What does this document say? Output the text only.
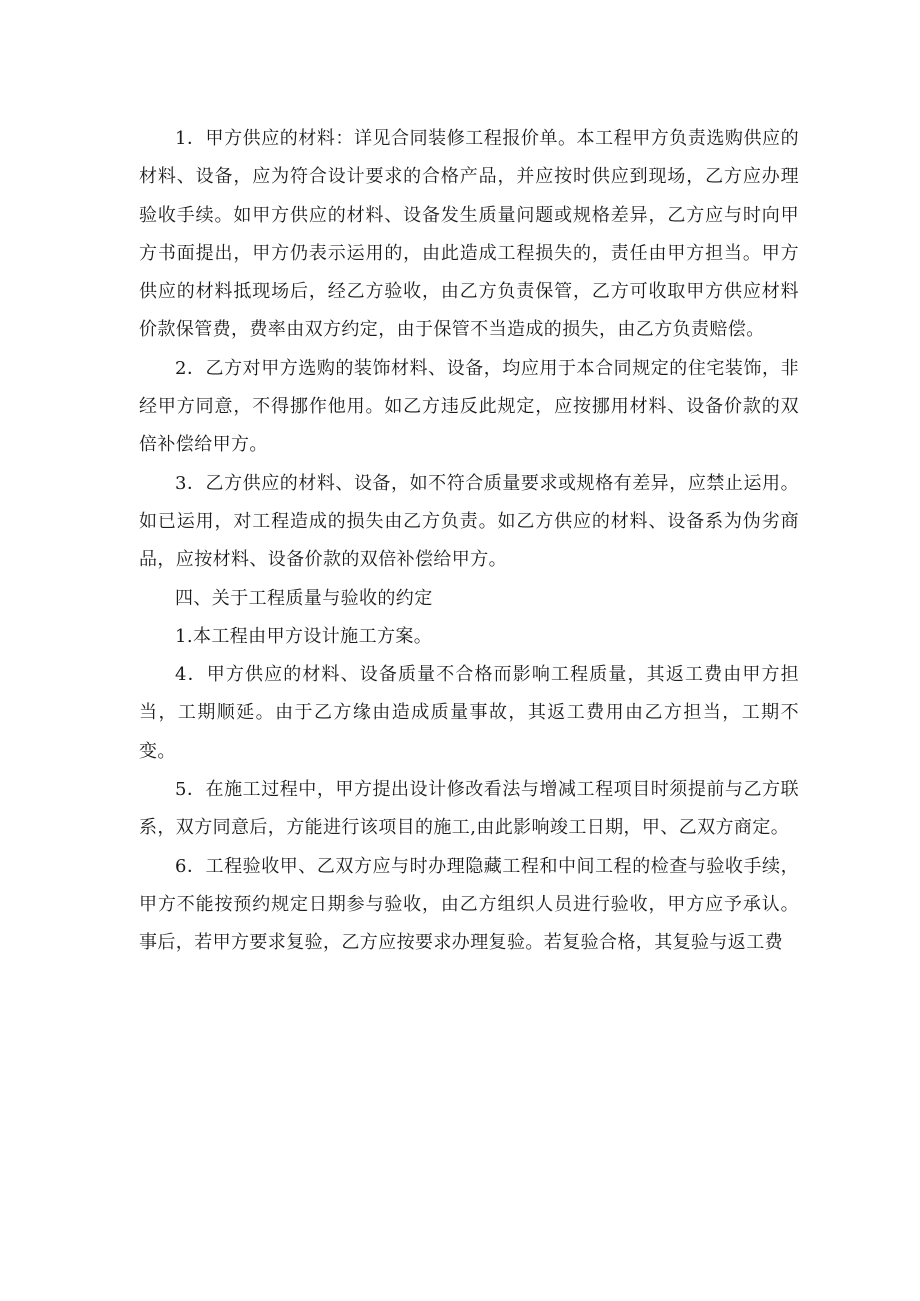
1．甲方供应的材料：详见合同装修工程报价单。本工程甲方负责选购供应的材料、设备，应为符合设计要求的合格产品，并应按时供应到现场，乙方应办理验收手续。如甲方供应的材料、设备发生质量问题或规格差异，乙方应与时向甲方书面提出，甲方仍表示运用的，由此造成工程损失的，责任由甲方担当。甲方供应的材料抵现场后，经乙方验收，由乙方负责保管，乙方可收取甲方供应材料价款保管费，费率由双方约定，由于保管不当造成的损失，由乙方负责赔偿。

2．乙方对甲方选购的装饰材料、设备，均应用于本合同规定的住宅装饰，非经甲方同意，不得挪作他用。如乙方违反此规定，应按挪用材料、设备价款的双倍补偿给甲方。

3．乙方供应的材料、设备，如不符合质量要求或规格有差异，应禁止运用。如已运用，对工程造成的损失由乙方负责。如乙方供应的材料、设备系为伪劣商品，应按材料、设备价款的双倍补偿给甲方。

四、关于工程质量与验收的约定

1.本工程由甲方设计施工方案。

4．甲方供应的材料、设备质量不合格而影响工程质量，其返工费由甲方担当，工期顺延。由于乙方缘由造成质量事故，其返工费用由乙方担当，工期不变。

5．在施工过程中，甲方提出设计修改看法与增减工程项目时须提前与乙方联系，双方同意后，方能进行该项目的施工,由此影响竣工日期，甲、乙双方商定。

6．工程验收甲、乙双方应与时办理隐藏工程和中间工程的检查与验收手续，甲方不能按预约规定日期参与验收，由乙方组织人员进行验收，甲方应予承认。事后，若甲方要求复验，乙方应按要求办理复验。若复验合格，其复验与返工费
